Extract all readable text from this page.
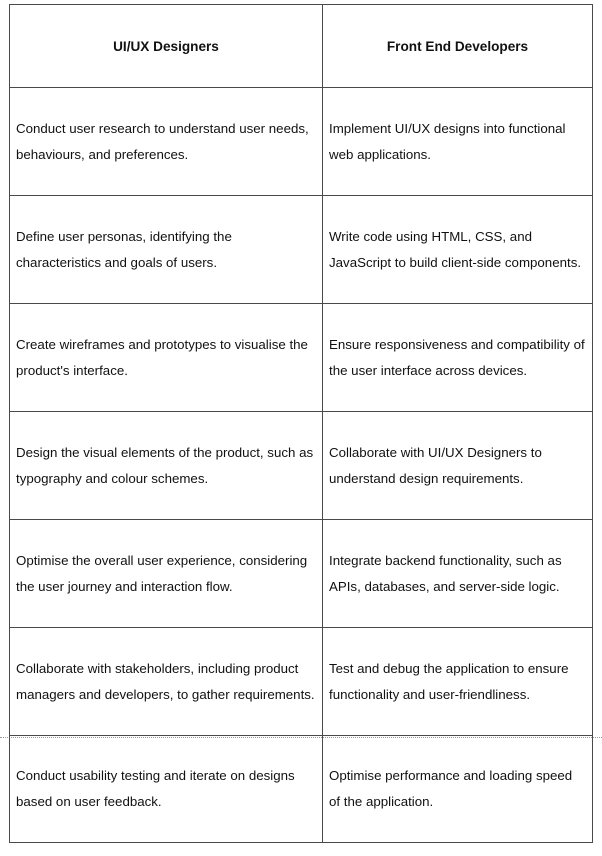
UI/UX Designers	Front End Developers
Conduct user research to understand user needs, behaviours, and preferences.	Implement UI/UX designs into functional web applications.
Define user personas, identifying the characteristics and goals of users.	Write code using HTML, CSS, and JavaScript to build client-side components.
Create wireframes and prototypes to visualise the product's interface.	Ensure responsiveness and compatibility of the user interface across devices.
Design the visual elements of the product, such as typography and colour schemes.	Collaborate with UI/UX Designers to understand design requirements.
Optimise the overall user experience, considering the user journey and interaction flow.	Integrate backend functionality, such as APIs, databases, and server-side logic.
Collaborate with stakeholders, including product managers and developers, to gather requirements.	Test and debug the application to ensure functionality and user-friendliness.
Conduct usability testing and iterate on designs based on user feedback.	Optimise performance and loading speed of the application.
